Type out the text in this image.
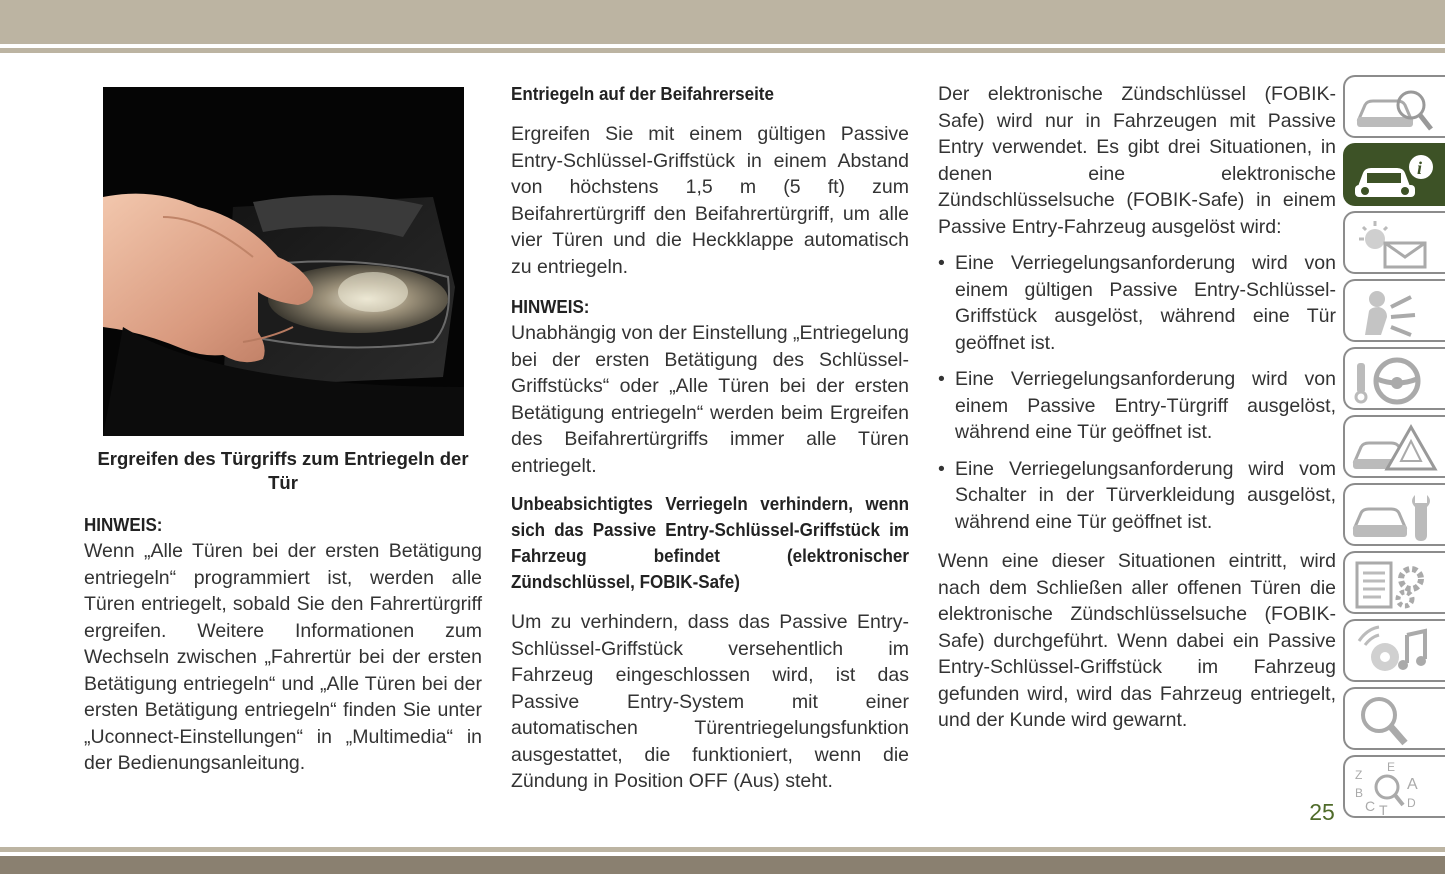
Ergreifen des Türgriffs zum Entriegeln der Tür
HINWEIS:

Wenn „Alle Türen bei der ersten Betätigung entriegeln“ programmiert ist, werden alle Türen entriegelt, sobald Sie den Fahrertürgriff ergreifen. Weitere Informationen zum Wechseln zwischen „Fahrertür bei der ersten Betätigung entriegeln“ und „Alle Türen bei der ersten Betätigung entriegeln“ finden Sie unter „Uconnect-Einstellungen“ in „Multimedia“ in der Bedienungsanleitung.

Entriegeln auf der Beifahrerseite

Ergreifen Sie mit einem gültigen Passive Entry-Schlüssel-Griffstück in einem Abstand von höchstens 1,5 m (5 ft) zum Beifahrertürgriff den Beifahrertürgriff, um alle vier Türen und die Heckklappe automatisch zu entriegeln.

HINWEIS:

Unabhängig von der Einstellung „Entriegelung bei der ersten Betätigung des Schlüssel-Griffstücks“ oder „Alle Türen bei der ersten Betätigung entriegeln“ werden beim Ergreifen des Beifahrertürgriffs immer alle Türen entriegelt.

Unbeabsichtigtes Verriegeln verhindern, wenn sich das Passive Entry-Schlüssel-Griffstück im Fahrzeug befindet (elektronischer Zündschlüssel, FOBIK-Safe)

Um zu verhindern, dass das Passive Entry-Schlüssel-Griffstück versehentlich im Fahrzeug eingeschlossen wird, ist das Passive Entry-System mit einer automatischen Türentriegelungsfunktion ausgestattet, die funktioniert, wenn die Zündung in Position OFF (Aus) steht.

Der elektronische Zündschlüssel (FOBIK-Safe) wird nur in Fahrzeugen mit Passive Entry verwendet. Es gibt drei Situationen, in denen eine elektronische Zündschlüsselsuche (FOBIK-Safe) in einem Passive Entry-Fahrzeug ausgelöst wird:

• Eine Verriegelungsanforderung wird von einem gültigen Passive Entry-Schlüssel-Griffstück ausgelöst, während eine Tür geöffnet ist.
• Eine Verriegelungsanforderung wird von einem Passive Entry-Türgriff ausgelöst, während eine Tür geöffnet ist.
• Eine Verriegelungsanforderung wird vom Schalter in der Türverkleidung ausgelöst, während eine Tür geöffnet ist.

Wenn eine dieser Situationen eintritt, wird nach dem Schließen aller offenen Türen die elektronische Zündschlüsselsuche (FOBIK-Safe) durchgeführt. Wenn dabei ein Passive Entry-Schlüssel-Griffstück im Fahrzeug gefunden wird, wird das Fahrzeug entriegelt, und der Kunde wird gewarnt.

i
Z
E
A
B
C T D
25
